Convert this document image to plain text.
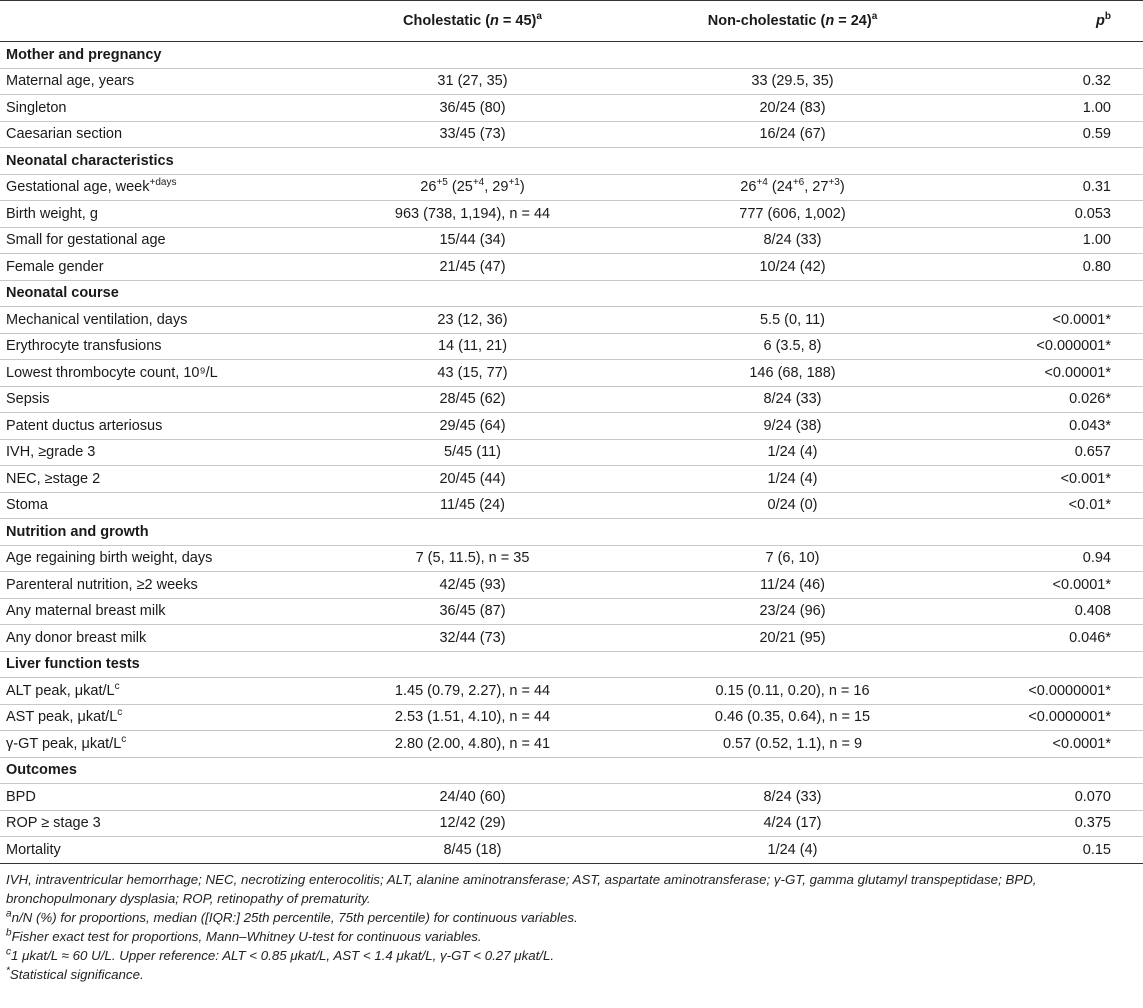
	Cholestatic (n = 45)$^a$	Non-cholestatic (n = 24)$^a$	$p^b$
Mother and pregnancy			
Maternal age, years	31 (27, 35)	33 (29.5, 35)	0.32
Singleton	36/45 (80)	20/24 (83)	1.00
Caesarian section	33/45 (73)	16/24 (67)	0.59
Neonatal characteristics			
Gestational age, week$^{+days}$	$26^{+5}$ ($25^{+4}$, $29^{+1}$)	$26^{+4}$ ($24^{+6}$, $27^{+3}$)	0.31
Birth weight, g	963 (738, 1,194), n = 44	777 (606, 1,002)	0.053
Small for gestational age	15/44 (34)	8/24 (33)	1.00
Female gender	21/45 (47)	10/24 (42)	0.80
Neonatal course			
Mechanical ventilation, days	23 (12, 36)	5.5 (0, 11)	<0.0001*
Erythrocyte transfusions	14 (11, 21)	6 (3.5, 8)	<0.000001*
Lowest thrombocyte count, 10⁹/L	43 (15, 77)	146 (68, 188)	<0.00001*
Sepsis	28/45 (62)	8/24 (33)	0.026*
Patent ductus arteriosus	29/45 (64)	9/24 (38)	0.043*
IVH, ≥grade 3	5/45 (11)	1/24 (4)	0.657
NEC, ≥stage 2	20/45 (44)	1/24 (4)	<0.001*
Stoma	11/45 (24)	0/24 (0)	<0.01*
Nutrition and growth			
Age regaining birth weight, days	7 (5, 11.5), n = 35	7 (6, 10)	0.94
Parenteral nutrition, ≥2 weeks	42/45 (93)	11/24 (46)	<0.0001*
Any maternal breast milk	36/45 (87)	23/24 (96)	0.408
Any donor breast milk	32/44 (73)	20/21 (95)	0.046*
Liver function tests			
ALT peak, μkat/$L^c$	1.45 (0.79, 2.27), n = 44	0.15 (0.11, 0.20), n = 16	<0.0000001*
AST peak, μkat/$L^c$	2.53 (1.51, 4.10), n = 44	0.46 (0.35, 0.64), n = 15	<0.0000001*
γ-GT peak, μkat/$L^c$	2.80 (2.00, 4.80), n = 41	0.57 (0.52, 1.1), n = 9	<0.0001*
Outcomes			
BPD	24/40 (60)	8/24 (33)	0.070
ROP ≥ stage 3	12/42 (29)	4/24 (17)	0.375
Mortality	8/45 (18)	1/24 (4)	0.15
IVH, intraventricular hemorrhage; NEC, necrotizing enterocolitis; ALT, alanine aminotransferase; AST, aspartate aminotransferase; γ-GT, gamma glutamyl transpeptidase; BPD, bronchopulmonary dysplasia; ROP, retinopathy of prematurity.
$^a$n/N (%) for proportions, median ([IQR:] 25th percentile, 75th percentile) for continuous variables.
$^b$Fisher exact test for proportions, Mann–Whitney U-test for continuous variables.
$^c$1 μkat/L ≈ 60 U/L. Upper reference: ALT < 0.85 μkat/L, AST < 1.4 μkat/L, γ-GT < 0.27 μkat/L.
*Statistical significance.
